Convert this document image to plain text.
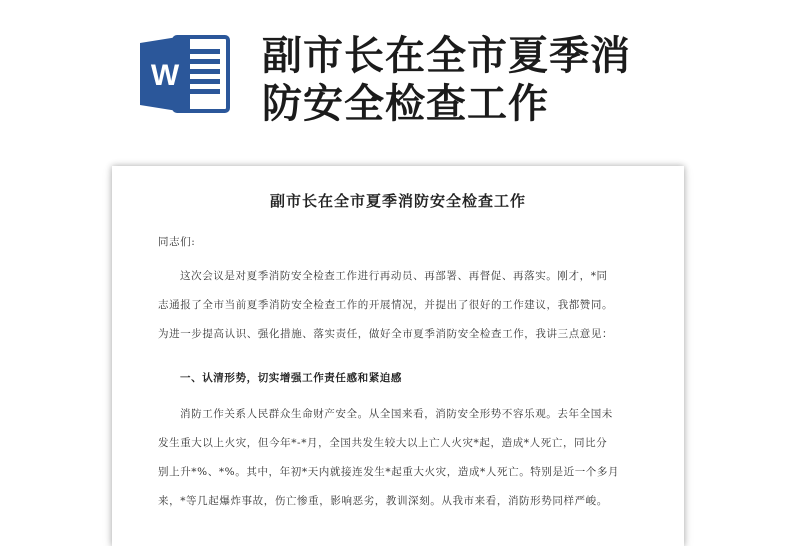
W 副市长在全市夏季消
防安全检查工作
副市长在全市夏季消防安全检查工作
同志们:
这次会议是对夏季消防安全检查工作进行再动员、再部署、再督促、再落实。刚才，*同
志通报了全市当前夏季消防安全检查工作的开展情况，并提出了很好的工作建议，我都赞同。
为进一步提高认识、强化措施、落实责任，做好全市夏季消防安全检查工作，我讲三点意见：
一、认清形势，切实增强工作责任感和紧迫感
消防工作关系人民群众生命财产安全。从全国来看，消防安全形势不容乐观。去年全国未
发生重大以上火灾，但今年*-*月，全国共发生较大以上亡人火灾*起，造成*人死亡，同比分
别上升*%、*%。其中，年初*天内就接连发生*起重大火灾，造成*人死亡。特别是近一个多月
来，*等几起爆炸事故，伤亡惨重，影响恶劣，教训深刻。从我市来看，消防形势同样严峻。
